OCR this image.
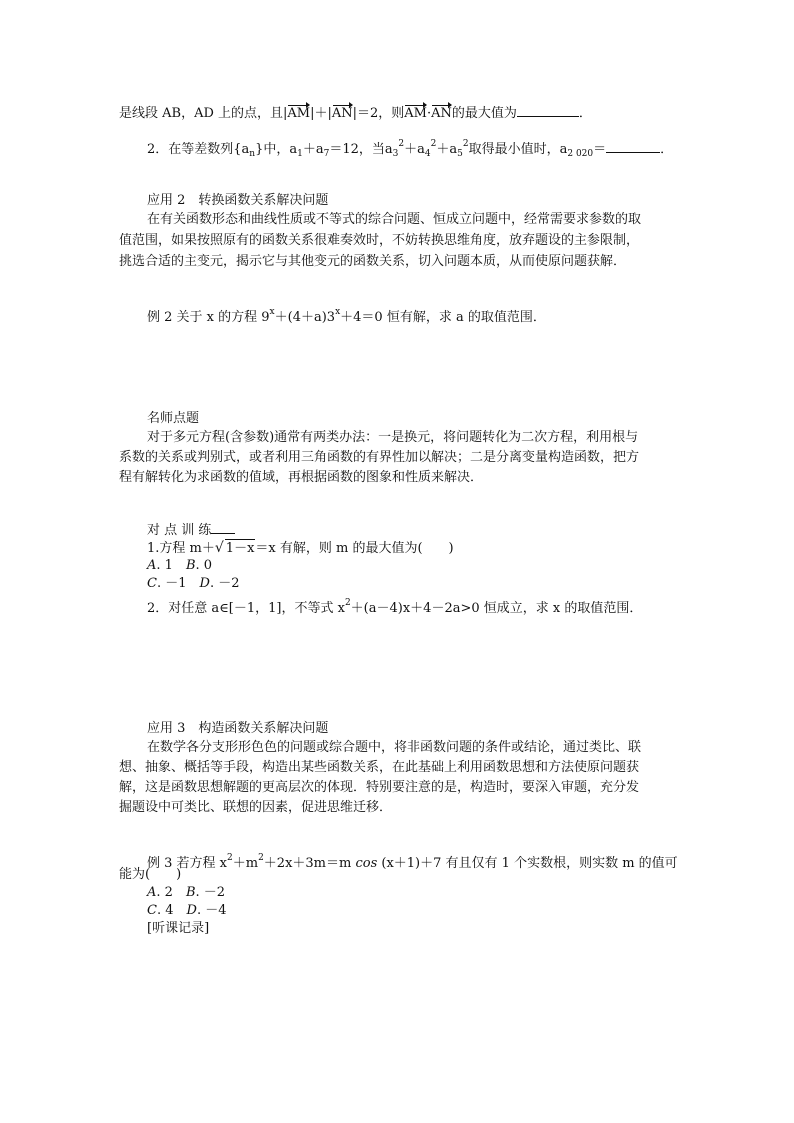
是线段 AB，AD 上的点，且|AM|＋|AN|＝2，则AM·AN的最大值为	．
2．在等差数列$\{a_n\}$中，$a_1+a_7=12$，当$a_3^2+a_4^2+a_5^2$取得最小值时，$a_{2 020}=$	．
应用 2　转换函数关系解决问题
在有关函数形态和曲线性质或不等式的综合问题、恒成立问题中，经常需要求参数的取
值范围，如果按照原有的函数关系很难奏效时，不妨转换思维角度，放弃题设的主参限制，
挑选合适的主变元，揭示它与其他变元的函数关系，切入问题本质，从而使原问题获解．
例 2 关于 x 的方程 $9^x+(4+a)3^x+4=0$ 恒有解，求 a 的取值范围．
名师点题
对于多元方程(含参数)通常有两类办法：一是换元，将问题转化为二次方程，利用根与
系数的关系或判别式，或者利用三角函数的有界性加以解决；二是分离变量构造函数，把方
程有解转化为求函数的值域，再根据函数的图象和性质来解决．
对 点 训 练
1.方程 m＋√ 1－x＝x 有解，则 m 的最大值为(　　)
A. 1　B. 0
C. －1　D. －2
2．对任意 a∈[－1，1]，不等式 $x^2+(a-4)x+4-2a>0$ 恒成立，求 x 的取值范围．
应用 3　构造函数关系解决问题
在数学各分支形形色色的问题或综合题中，将非函数问题的条件或结论，通过类比、联
想、抽象、概括等手段，构造出某些函数关系，在此基础上利用函数思想和方法使原问题获
解，这是函数思想解题的更高层次的体现．特别要注意的是，构造时，要深入审题，充分发
掘题设中可类比、联想的因素，促进思维迁移．
例 3 若方程 $x^2+m^2+2x+3m=m$ cos (x＋1)＋7 有且仅有 1 个实数根，则实数 m 的值可
能为(　　)
A. 2　B. －2
C. 4　D. －4
[听课记录]
